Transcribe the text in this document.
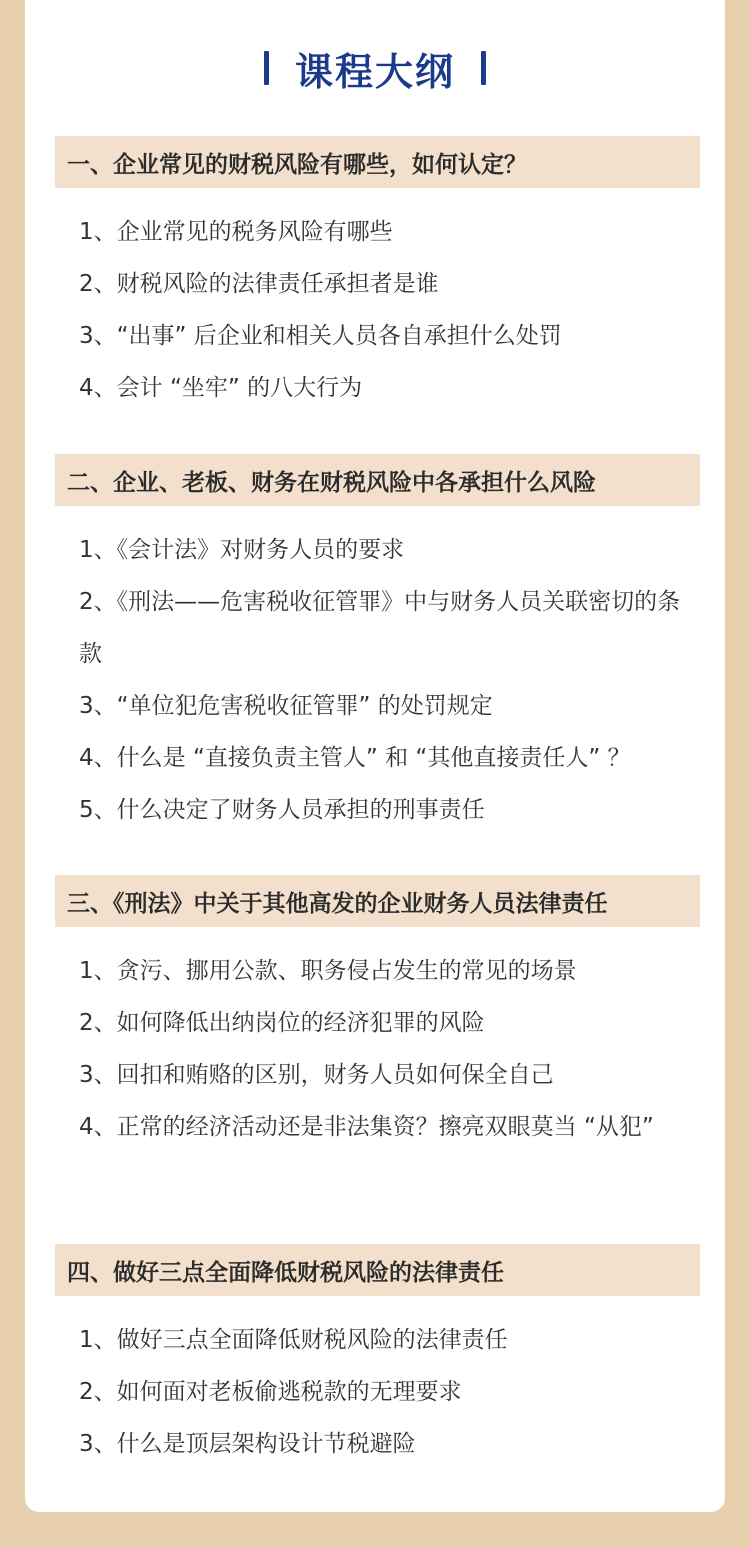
课程大纲
一、企业常见的财税风险有哪些，如何认定？
1、企业常见的税务风险有哪些
2、财税风险的法律责任承担者是谁
3、“出事” 后企业和相关人员各自承担什么处罚
4、会计 “坐牢” 的八大行为
二、企业、老板、财务在财税风险中各承担什么风险
1、《会计法》对财务人员的要求
2、《刑法——危害税收征管罪》中与财务人员关联密切的条款
3、“单位犯危害税收征管罪” 的处罚规定
4、什么是 “直接负责主管人” 和 “其他直接责任人” ？
5、什么决定了财务人员承担的刑事责任
三、《刑法》中关于其他高发的企业财务人员法律责任
1、贪污、挪用公款、职务侵占发生的常见的场景
2、如何降低出纳岗位的经济犯罪的风险
3、回扣和贿赂的区别，财务人员如何保全自己
4、正常的经济活动还是非法集资？擦亮双眼莫当 “从犯”
四、做好三点全面降低财税风险的法律责任
1、做好三点全面降低财税风险的法律责任
2、如何面对老板偷逃税款的无理要求
3、什么是顶层架构设计节税避险
